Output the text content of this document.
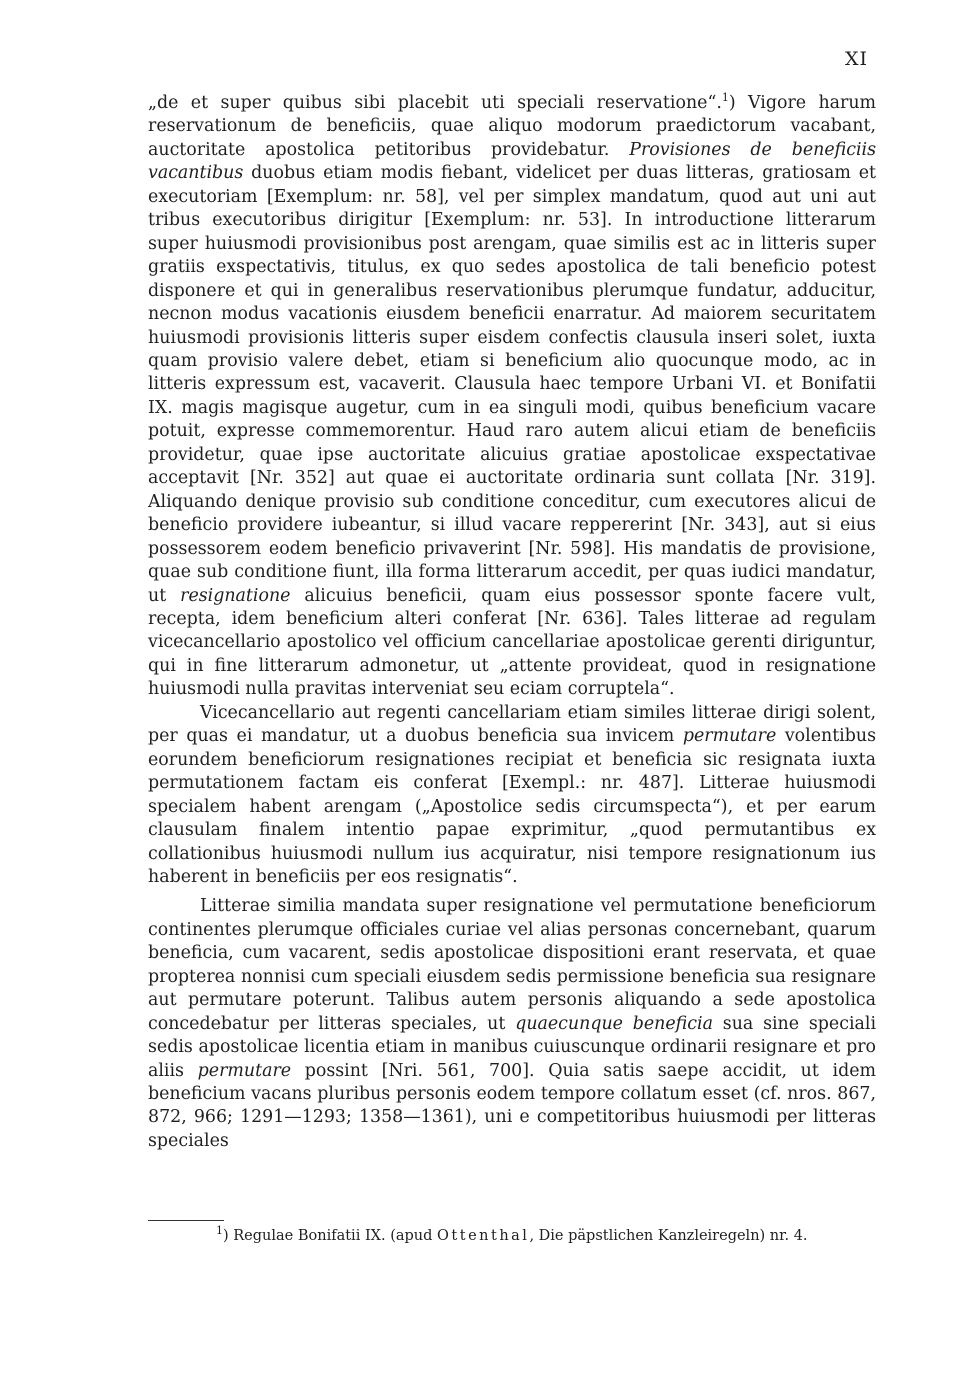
XI

„de et super quibus sibi placebit uti speciali reservatione“.$^1$) Vigore harum reservationum de beneficiis, quae aliquo modorum praedictorum vacabant, auctoritate apostolica petitoribus providebatur. Provisiones de beneficiis vacantibus duobus etiam modis fiebant, videlicet per duas litteras, gratiosam et executoriam [Exemplum: nr. 58], vel per simplex mandatum, quod aut uni aut tribus executoribus dirigitur [Exemplum: nr. 53]. In introductione litterarum super huiusmodi provisionibus post arengam, quae similis est ac in litteris super gratiis exspectativis, titulus, ex quo sedes apostolica de tali beneficio potest disponere et qui in generalibus reservationibus plerumque fundatur, adducitur, necnon modus vacationis eiusdem beneficii enarratur. Ad maiorem securitatem huiusmodi provisionis litteris super eisdem confectis clausula inseri solet, iuxta quam provisio valere debet, etiam si beneficium alio quocunque modo, ac in litteris expressum est, vacaverit. Clausula haec tempore Urbani VI. et Bonifatii IX. magis magisque augetur, cum in ea singuli modi, quibus beneficium vacare potuit, expresse commemorentur. Haud raro autem alicui etiam de beneficiis providetur, quae ipse auctoritate alicuius gratiae apostolicae exspectativae acceptavit [Nr. 352] aut quae ei auctoritate ordinaria sunt collata [Nr. 319]. Aliquando denique provisio sub conditione conceditur, cum executores alicui de beneficio providere iubeantur, si illud vacare reppererint [Nr. 343], aut si eius possessorem eodem beneficio privaverint [Nr. 598]. His mandatis de provisione, quae sub conditione fiunt, illa forma litterarum accedit, per quas iudici mandatur, ut resignatione alicuius beneficii, quam eius possessor sponte facere vult, recepta, idem beneficium alteri conferat [Nr. 636]. Tales litterae ad regulam vicecancellario apostolico vel officium cancellariae apostolicae gerenti diriguntur, qui in fine litterarum admonetur, ut „attente provideat, quod in resignatione huiusmodi nulla pravitas interveniat seu eciam corruptela“.

Vicecancellario aut regenti cancellariam etiam similes litterae dirigi solent, per quas ei mandatur, ut a duobus beneficia sua invicem permutare volentibus eorundem beneficiorum resignationes recipiat et beneficia sic resignata iuxta permutationem factam eis conferat [Exempl.: nr. 487]. Litterae huiusmodi specialem habent arengam („Apostolice sedis circumspecta“), et per earum clausulam finalem intentio papae exprimitur, „quod permutantibus ex collationibus huiusmodi nullum ius acquiratur, nisi tempore resignationum ius haberent in beneficiis per eos resignatis“.

Litterae similia mandata super resignatione vel permutatione beneficiorum continentes plerumque officiales curiae vel alias personas concernebant, quarum beneficia, cum vacarent, sedis apostolicae dispositioni erant reservata, et quae propterea nonnisi cum speciali eiusdem sedis permissione beneficia sua resignare aut permutare poterunt. Talibus autem personis aliquando a sede apostolica concedebatur per litteras speciales, ut quaecunque beneficia sua sine speciali sedis apostolicae licentia etiam in manibus cuiuscunque ordinarii resignare et pro aliis permutare possint [Nri. 561, 700]. Quia satis saepe accidit, ut idem beneficium vacans pluribus personis eodem tempore collatum esset (cf. nros. 867, 872, 966; 1291—1293; 1358—1361), uni e competitoribus huiusmodi per litteras speciales

$^1$) Regulae Bonifatii IX. (apud Ottenthal, Die päpstlichen Kanzleiregeln) nr. 4.
